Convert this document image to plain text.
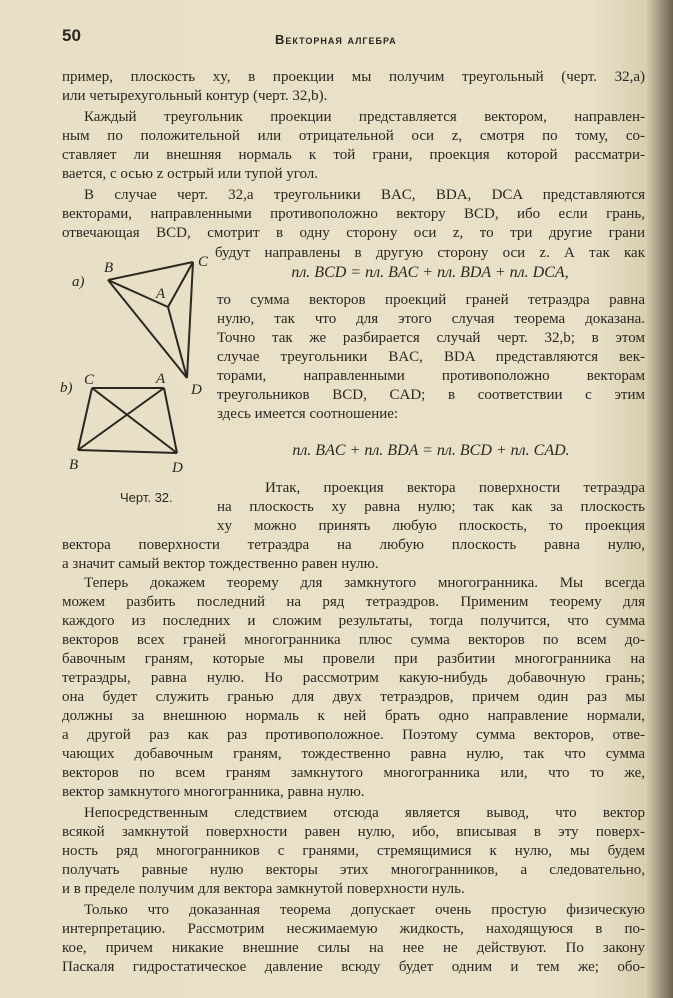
50	Векторная алгебра
пример, плоскость xy, в проекции мы получим треугольный (черт. 32,a)
или четырехугольный контур (черт. 32,b).
Каждый треугольник проекции представляется вектором, направлен-
ным по положительной или отрицательной оси z, смотря по тому, со-
ставляет ли внешняя нормаль к той грани, проекция которой рассматри-
вается, с осью z острый или тупой угол.
В случае черт. 32,a треугольники BAC, BDA, DCA представляются
векторами, направленными противоположно вектору BCD, ибо если грань,
отвечающая BCD, смотрит в одну сторону оси z, то три другие грани
будут направлены в другую сторону оси z. А так как
пл. BCD = пл. BAC + пл. BDA + пл. DCA,
то сумма векторов проекций граней тетраэдра равна
нулю, так что для этого случая теорема доказана.
Точно так же разбирается случай черт. 32,b; в этом
случае треугольники BAC, BDA представляются век-
торами, направленными противоположно векторам
треугольников BCD, CAD; в соответствии с этим
здесь имеется соотношение:
пл. BAC + пл. BDA = пл. BCD + пл. CAD.
Итак, проекция вектора поверхности тетраэдра
на плоскость xy равна нулю; так как за плоскость
xy можно принять любую плоскость, то проекция
a)
B	C
A
D
b) C	A
B	D
Черт. 32.
вектора поверхности тетраэдра на любую плоскость равна нулю,
а значит самый вектор тождественно равен нулю.
Теперь докажем теорему для замкнутого многогранника. Мы всегда
можем разбить последний на ряд тетраэдров. Применим теорему для
каждого из последних и сложим результаты, тогда получится, что сумма
векторов всех граней многогранника плюс сумма векторов по всем до-
бавочным граням, которые мы провели при разбитии многогранника на
тетраэдры, равна нулю. Но рассмотрим какую-нибудь добавочную грань;
она будет служить гранью для двух тетраэдров, причем один раз мы
должны за внешнюю нормаль к ней брать одно направление нормали,
а другой раз как раз противоположное. Поэтому сумма векторов, отве-
чающих добавочным граням, тождественно равна нулю, так что сумма
векторов по всем граням замкнутого многогранника или, что то же,
вектор замкнутого многогранника, равна нулю.
Непосредственным следствием отсюда является вывод, что вектор
всякой замкнутой поверхности равен нулю, ибо, вписывая в эту поверх-
ность ряд многогранников с гранями, стремящимися к нулю, мы будем
получать равные нулю векторы этих многогранников, а следовательно,
и в пределе получим для вектора замкнутой поверхности нуль.
Только что доказанная теорема допускает очень простую физическую
интерпретацию. Рассмотрим несжимаемую жидкость, находящуюся в по-
кое, причем никакие внешние силы на нее не действуют. По закону
Паскаля гидростатическое давление всюду будет одним и тем же; обо-
